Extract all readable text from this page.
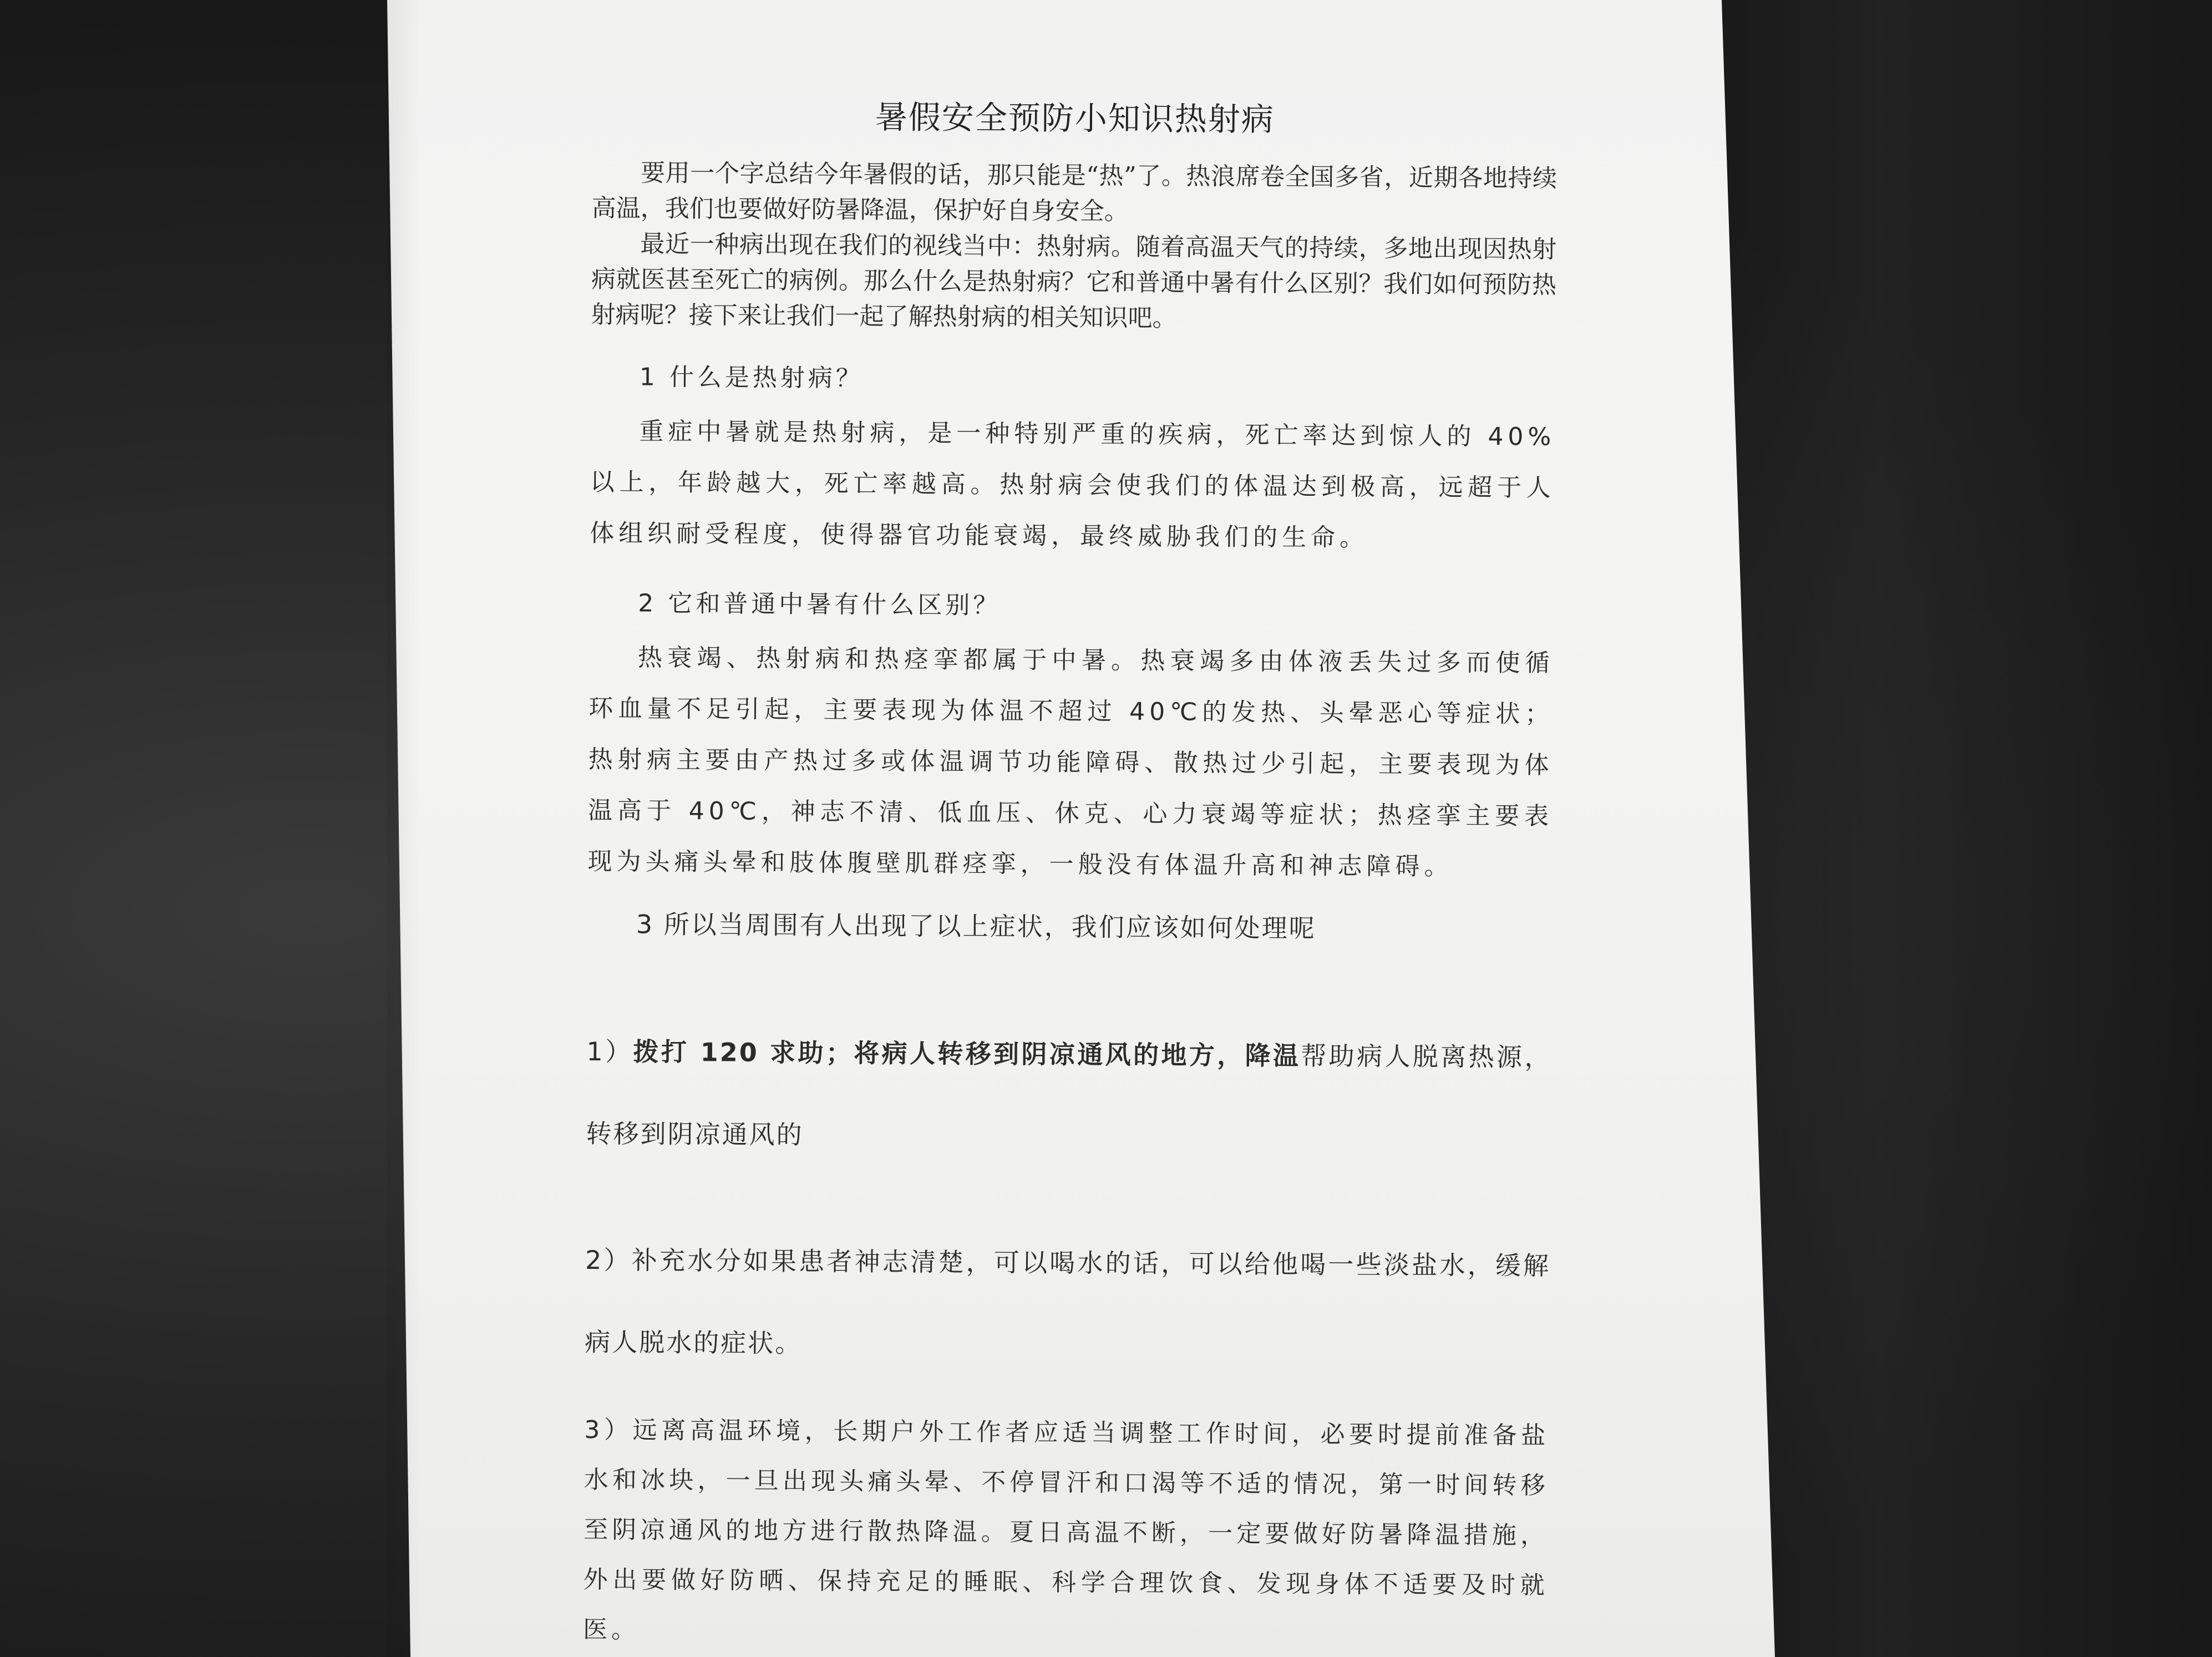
暑假安全预防小知识热射病

要用一个字总结今年暑假的话，那只能是“热”了。热浪席卷全国多省，近期各地持续高温，我们也要做好防暑降温，保护好自身安全。

最近一种病出现在我们的视线当中：热射病。随着高温天气的持续，多地出现因热射病就医甚至死亡的病例。那么什么是热射病？它和普通中暑有什么区别？我们如何预防热射病呢？接下来让我们一起了解热射病的相关知识吧。

1 什么是热射病？

重症中暑就是热射病，是一种特别严重的疾病，死亡率达到惊人的 40%以上，年龄越大，死亡率越高。热射病会使我们的体温达到极高，远超于人体组织耐受程度，使得器官功能衰竭，最终威胁我们的生命。

2 它和普通中暑有什么区别？

热衰竭、热射病和热痉挛都属于中暑。热衰竭多由体液丢失过多而使循环血量不足引起，主要表现为体温不超过 40℃的发热、头晕恶心等症状；热射病主要由产热过多或体温调节功能障碍、散热过少引起，主要表现为体温高于 40℃，神志不清、低血压、休克、心力衰竭等症状；热痉挛主要表现为头痛头晕和肢体腹壁肌群痉挛，一般没有体温升高和神志障碍。

3 所以当周围有人出现了以上症状，我们应该如何处理呢

1）拨打 120 求助；将病人转移到阴凉通风的地方，降温帮助病人脱离热源，转移到阴凉通风的

2）补充水分如果患者神志清楚，可以喝水的话，可以给他喝一些淡盐水，缓解病人脱水的症状。

3）远离高温环境，长期户外工作者应适当调整工作时间，必要时提前准备盐水和冰块，一旦出现头痛头晕、不停冒汗和口渴等不适的情况，第一时间转移至阴凉通风的地方进行散热降温。夏日高温不断，一定要做好防暑降温措施，外出要做好防晒、保持充足的睡眠、科学合理饮食、发现身体不适要及时就医。
